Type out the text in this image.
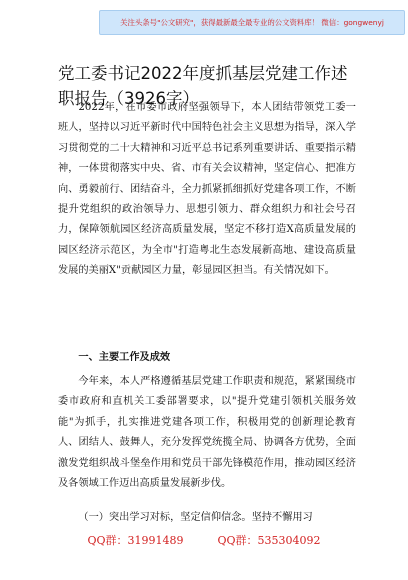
关注头条号"公文研究"，获得最新最全最专业的公文资料库！ 微信：gongwenyj
党工委书记2022年度抓基层党建工作述职报告（3926字）

2022年，在市委市政府坚强领导下，本人团结带领党工委一班人，坚持以习近平新时代中国特色社会主义思想为指导，深入学习贯彻党的二十大精神和习近平总书记系列重要讲话、重要指示精神，一体贯彻落实中央、省、市有关会议精神，坚定信心、把准方向、勇毅前行、团结奋斗，全力抓紧抓细抓好党建各项工作，不断提升党组织的政治领导力、思想引领力、群众组织力和社会号召力，保障领航园区经济高质量发展，坚定不移打造X高质量发展的园区经济示范区，为全市"打造粤北生态发展新高地、建设高质量发展的美丽X"贡献园区力量，彰显园区担当。有关情况如下。

一、主要工作及成效

今年来，本人严格遵循基层党建工作职责和规范，紧紧围绕市委市政府和直机关工委部署要求，以"提升党建引领机关服务效能"为抓手，扎实推进党建各项工作，积极用党的创新理论教育人、团结人、鼓舞人，充分发挥党统揽全局、协调各方优势，全面激发党组织战斗堡垒作用和党员干部先锋模范作用，推动园区经济及各领域工作迈出高质量发展新步伐。

（一）突出学习对标，坚定信仰信念。坚持不懈用习

QQ群：31991489	QQ群：535304092
